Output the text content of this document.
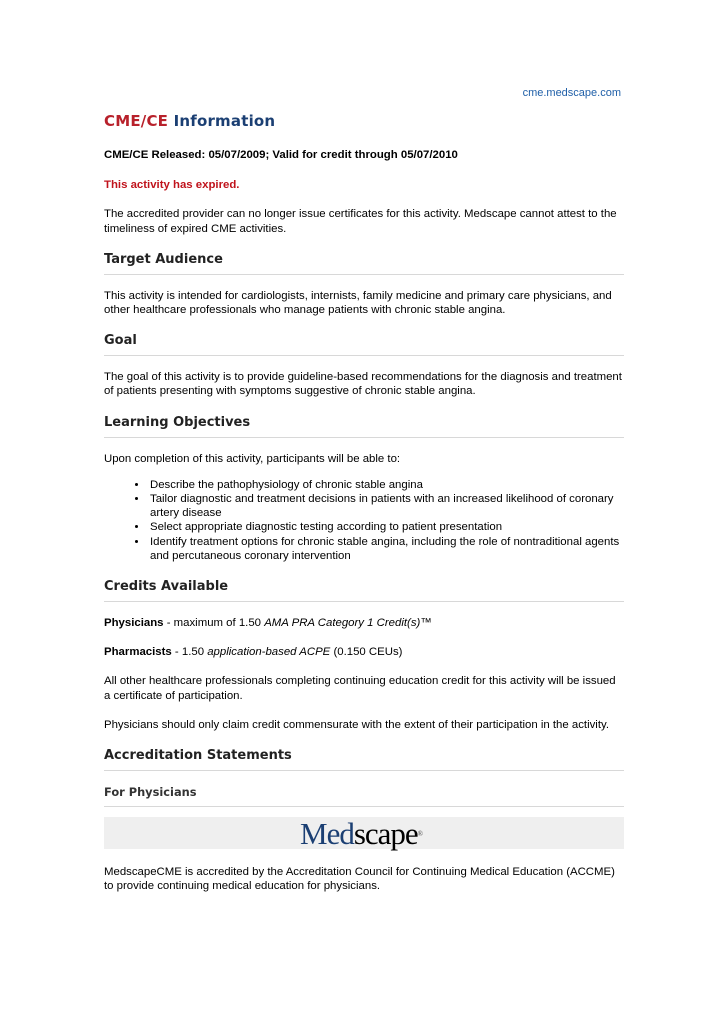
cme.medscape.com
CME/CE Information

CME/CE Released: 05/07/2009; Valid for credit through 05/07/2010

This activity has expired.

The accredited provider can no longer issue certificates for this activity. Medscape cannot attest to the timeliness of expired CME activities.

Target Audience

This activity is intended for cardiologists, internists, family medicine and primary care physicians, and other healthcare professionals who manage patients with chronic stable angina.

Goal

The goal of this activity is to provide guideline-based recommendations for the diagnosis and treatment of patients presenting with symptoms suggestive of chronic stable angina.

Learning Objectives

Upon completion of this activity, participants will be able to:

• Describe the pathophysiology of chronic stable angina
• Tailor diagnostic and treatment decisions in patients with an increased likelihood of coronary artery disease
• Select appropriate diagnostic testing according to patient presentation
• Identify treatment options for chronic stable angina, including the role of nontraditional agents and percutaneous coronary intervention
Credits Available

Physicians - maximum of 1.50 AMA PRA Category 1 Credit(s)™

Pharmacists - 1.50 application-based ACPE (0.150 CEUs)

All other healthcare professionals completing continuing education credit for this activity will be issued a certificate of participation.

Physicians should only claim credit commensurate with the extent of their participation in the activity.

Accreditation Statements
For Physicians
Medscape®

MedscapeCME is accredited by the Accreditation Council for Continuing Medical Education (ACCME) to provide continuing medical education for physicians.
